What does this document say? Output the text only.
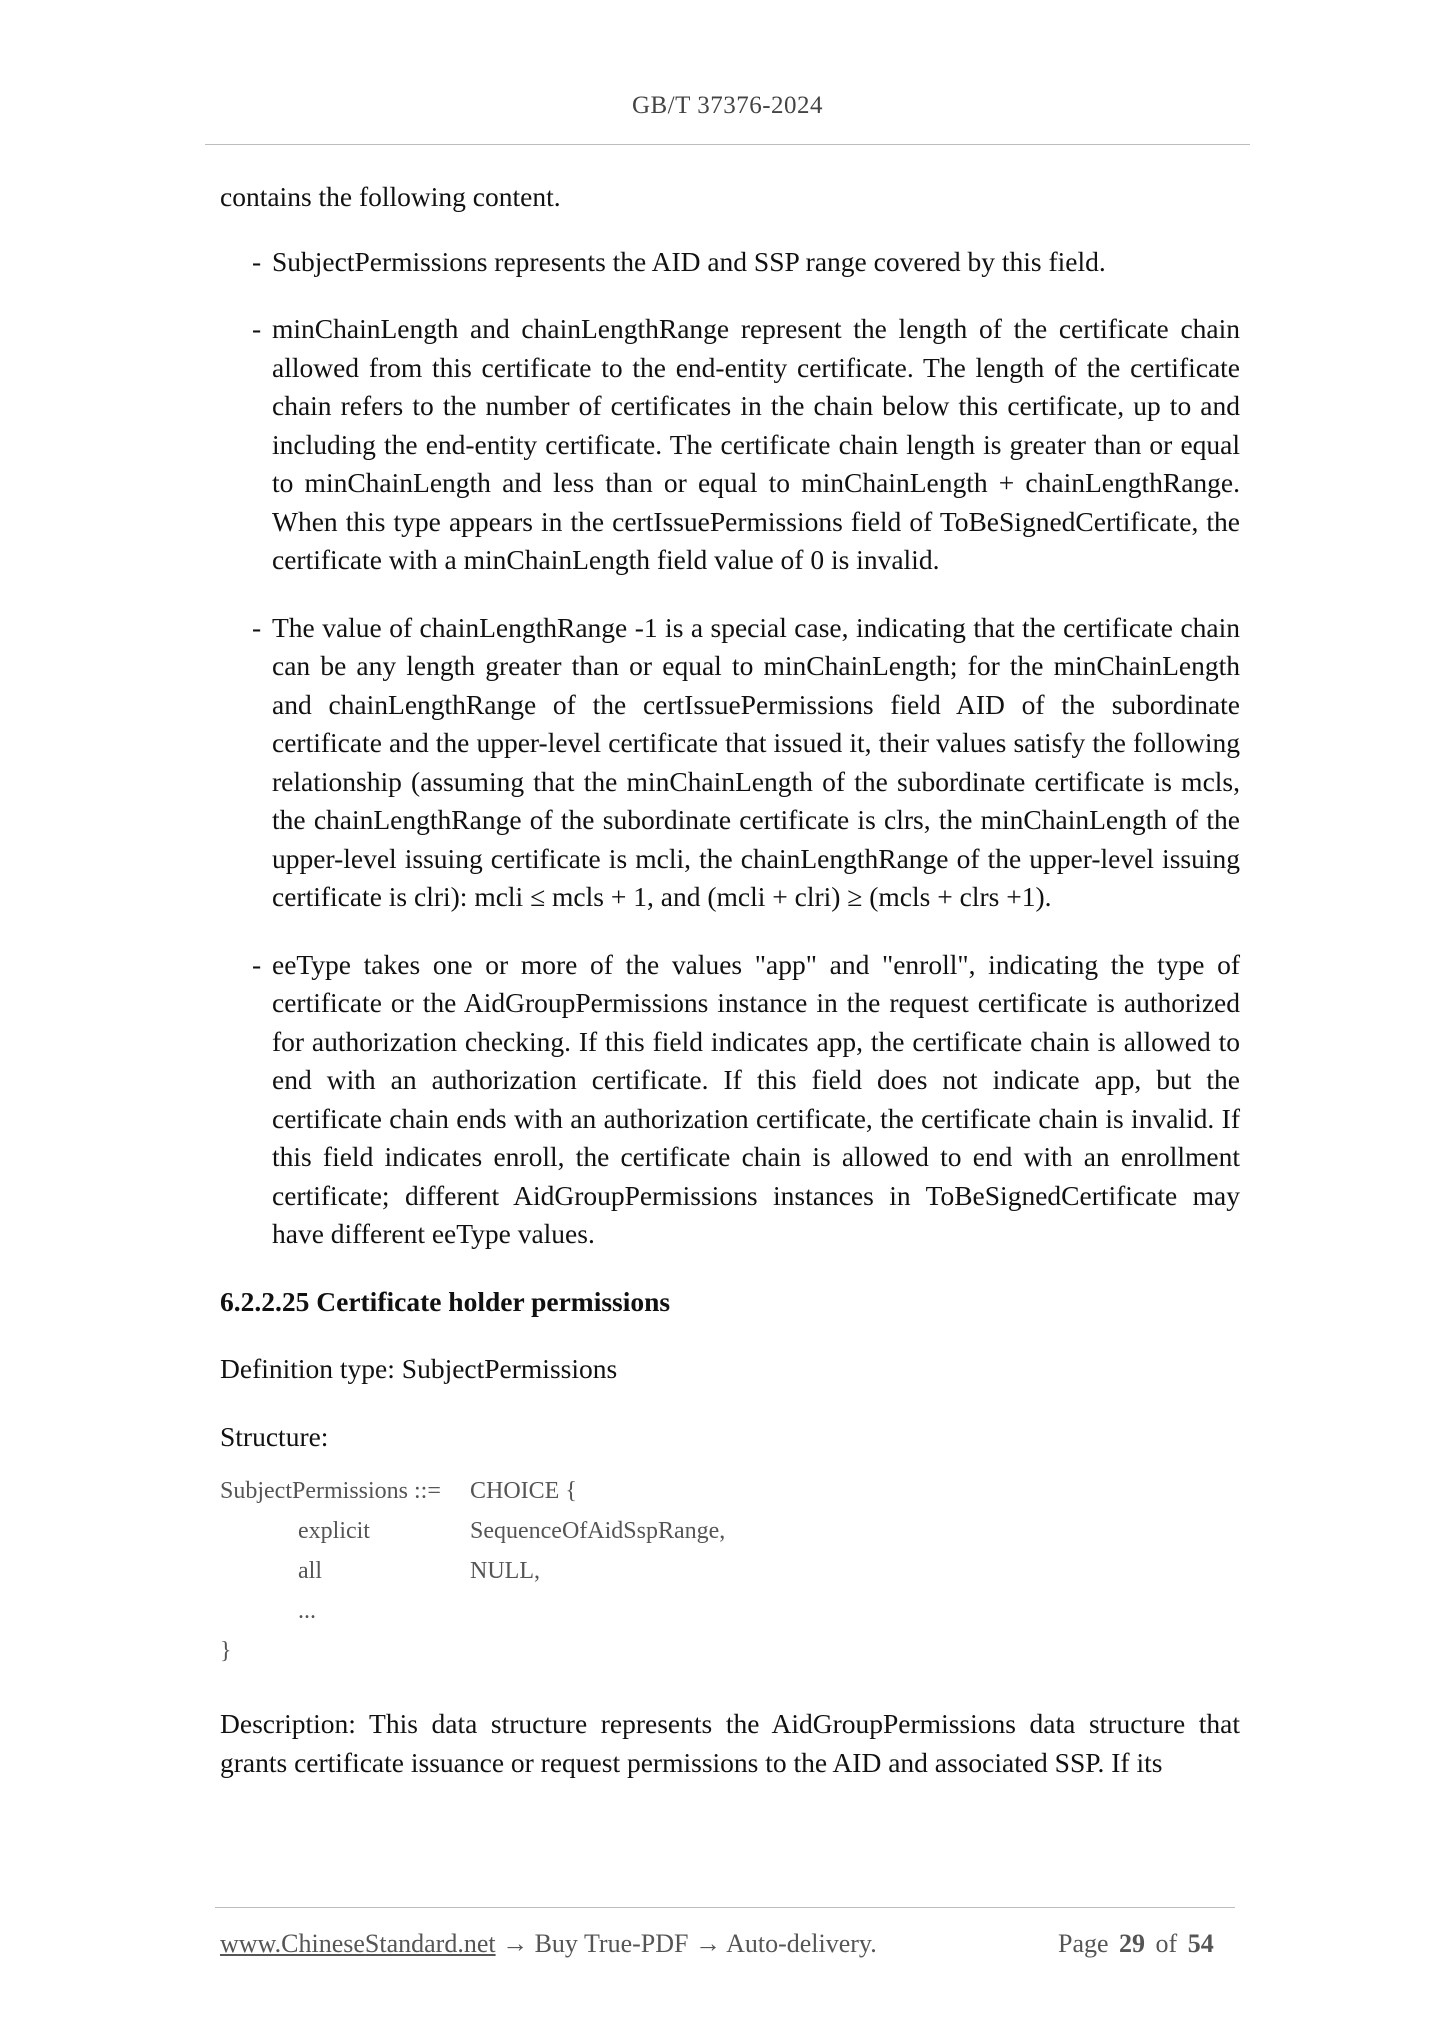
GB/T 37376-2024

contains the following content.

- SubjectPermissions represents the AID and SSP range covered by this field.
- minChainLength and chainLengthRange represent the length of the certificate chain allowed from this certificate to the end-entity certificate. The length of the certificate chain refers to the number of certificates in the chain below this certificate, up to and including the end-entity certificate. The certificate chain length is greater than or equal to minChainLength and less than or equal to minChainLength + chainLengthRange. When this type appears in the certIssuePermissions field of ToBeSignedCertificate, the certificate with a minChainLength field value of 0 is invalid.
- The value of chainLengthRange -1 is a special case, indicating that the certificate chain can be any length greater than or equal to minChainLength; for the minChainLength and chainLengthRange of the certIssuePermissions field AID of the subordinate certificate and the upper-level certificate that issued it, their values satisfy the following relationship (assuming that the minChainLength of the subordinate certificate is mcls, the chainLengthRange of the subordinate certificate is clrs, the minChainLength of the upper-level issuing certificate is mcli, the chainLengthRange of the upper-level issuing certificate is clri): mcli ≤ mcls + 1, and (mcli + clri) ≥ (mcls + clrs +1).
- eeType takes one or more of the values "app" and "enroll", indicating the type of certificate or the AidGroupPermissions instance in the request certificate is authorized for authorization checking. If this field indicates app, the certificate chain is allowed to end with an authorization certificate. If this field does not indicate app, but the certificate chain ends with an authorization certificate, the certificate chain is invalid. If this field indicates enroll, the certificate chain is allowed to end with an enrollment certificate; different AidGroupPermissions instances in ToBeSignedCertificate may have different eeType values.

6.2.2.25 Certificate holder permissions

Definition type: SubjectPermissions

Structure:

SubjectPermissions ::= CHOICE {
explicit	SequenceOfAidSspRange,
all	NULL,
...
}

Description: This data structure represents the AidGroupPermissions data structure that grants certificate issuance or request permissions to the AID and associated SSP. If its

www.ChineseStandard.net → Buy True-PDF → Auto-delivery.	Page 29 of 54
